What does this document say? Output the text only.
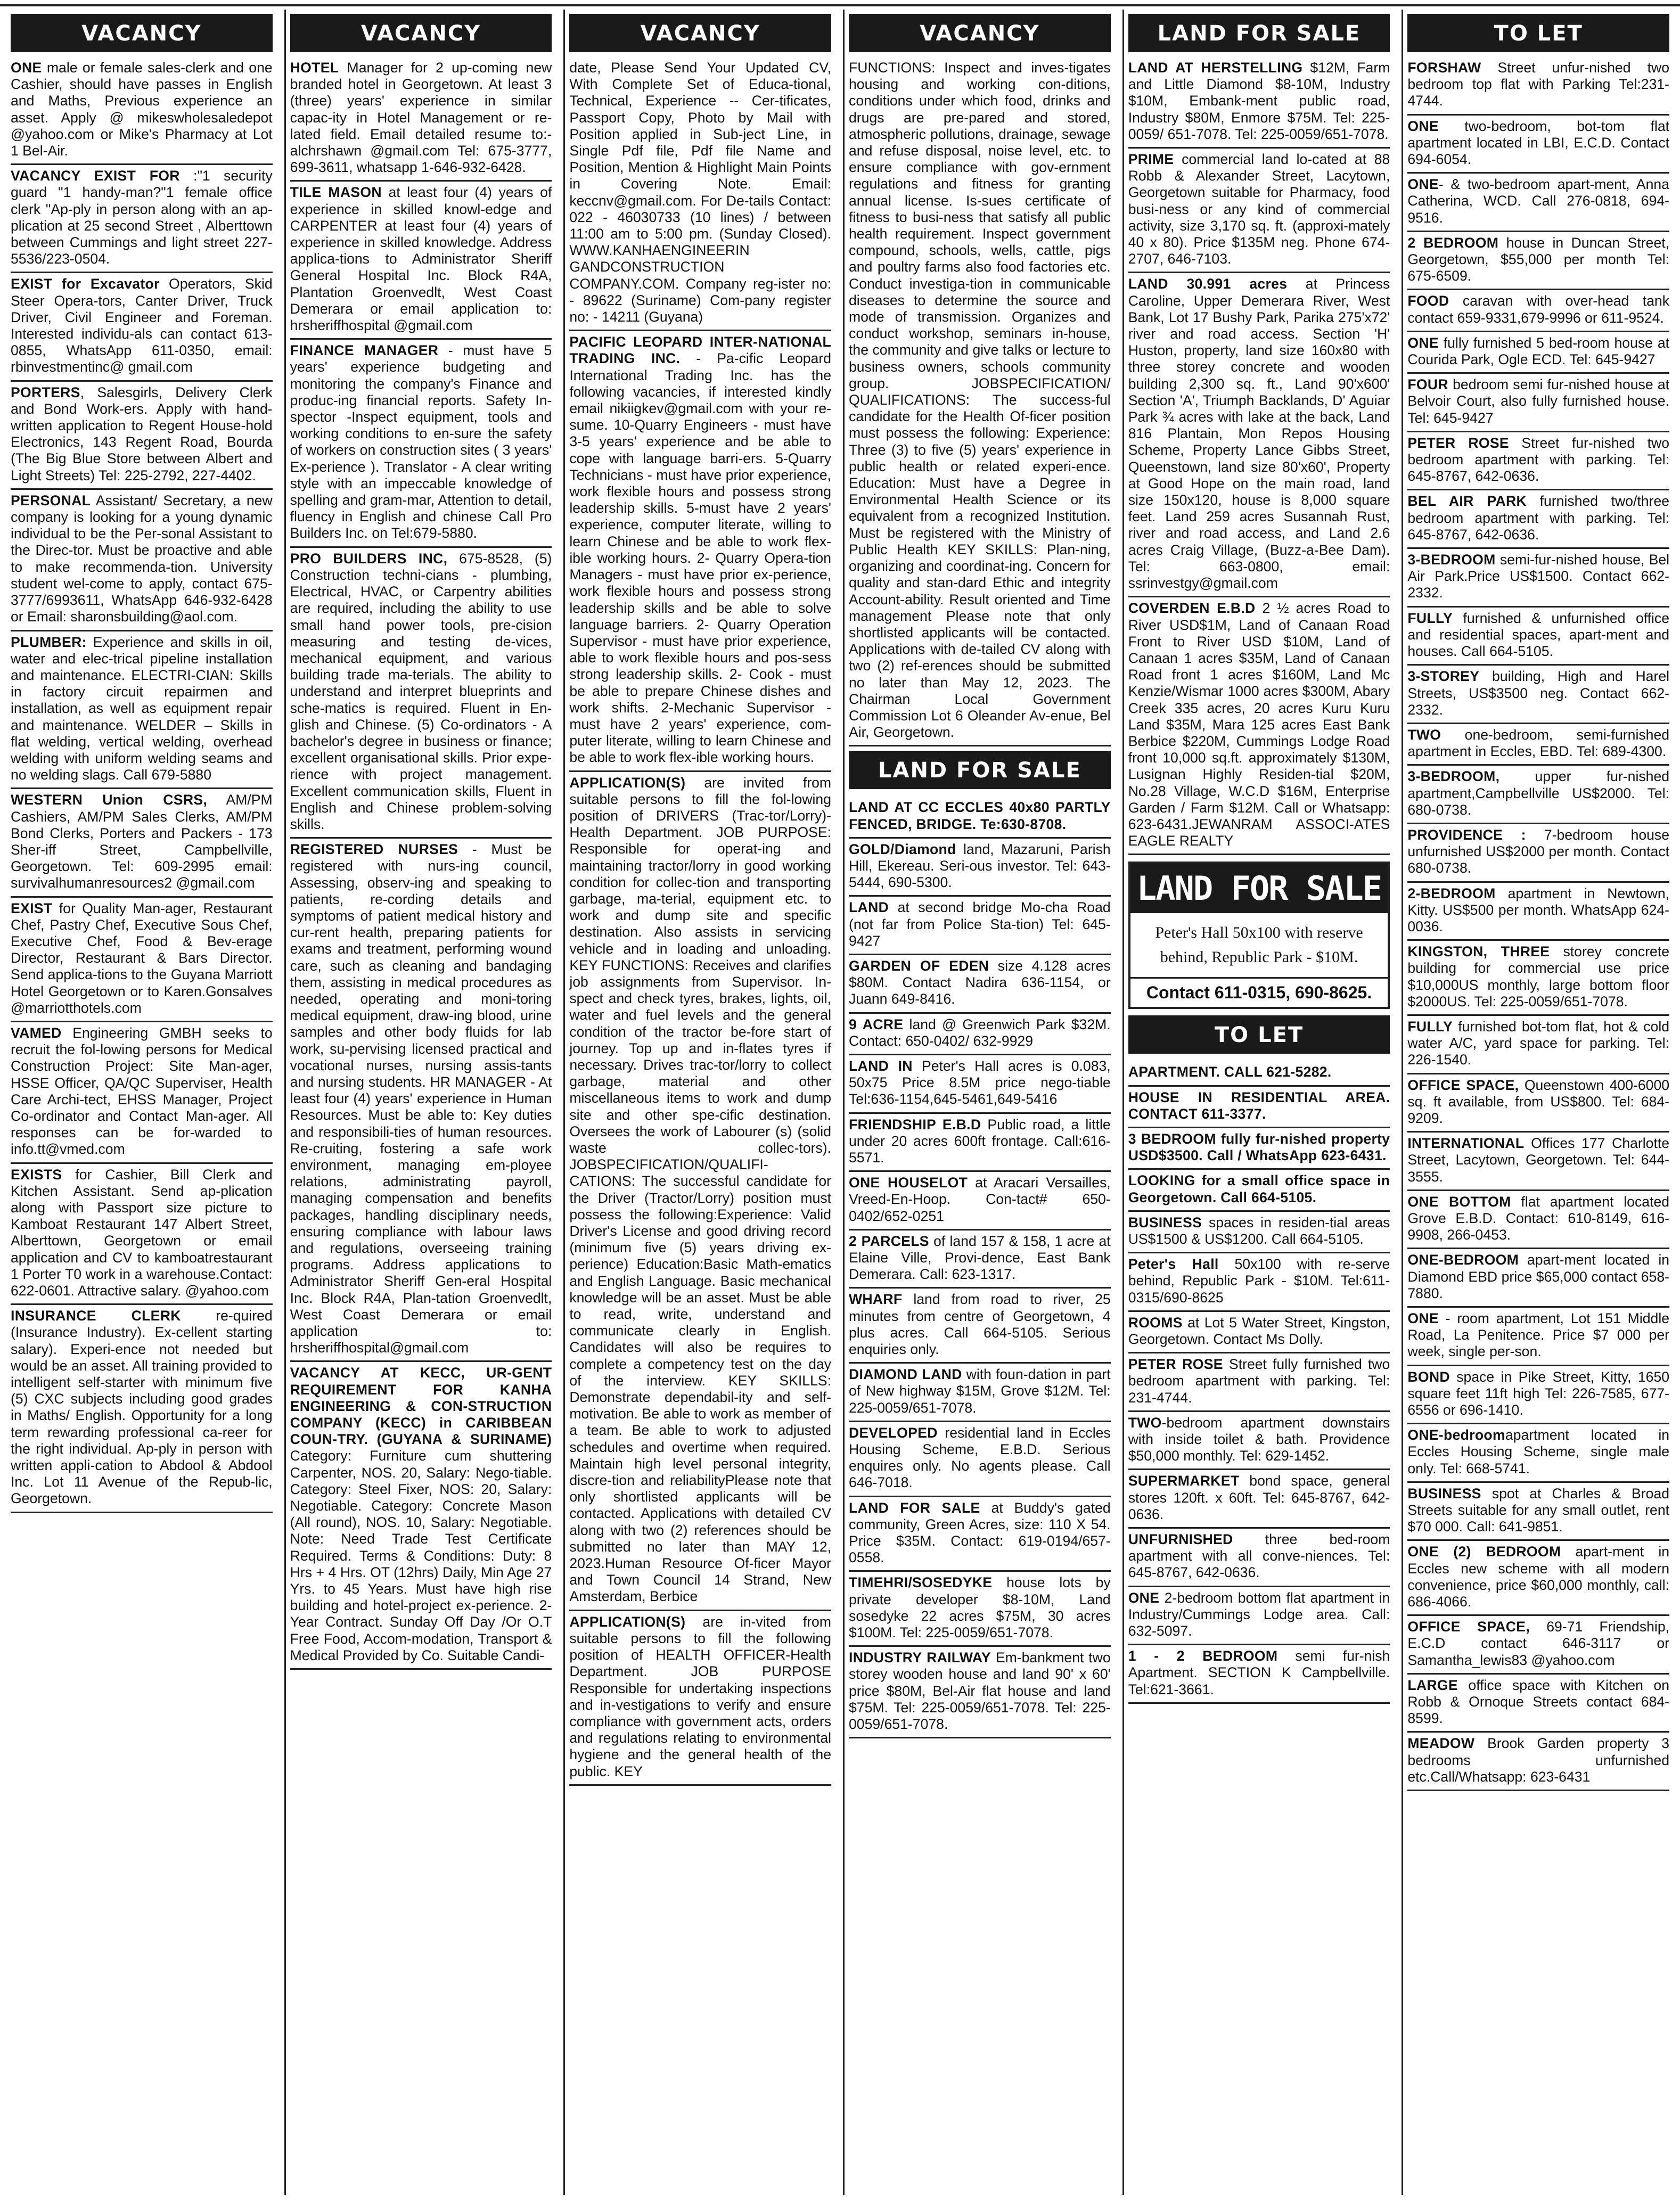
VACANCY

ONE male or female sales-clerk and one Cashier, should have passes in English and Maths, Previous experience an asset. Apply @ mikeswholesaledepot @yahoo.com or Mike's Pharmacy at Lot 1 Bel-Air.

VACANCY EXIST FOR :"1 security guard "1 handy-man?"1 female office clerk "Ap-ply in person along with an ap-plication at 25 second Street , Alberttown between Cummings and light street 227-5536/223-0504.

EXIST for Excavator Operators, Skid Steer Opera-tors, Canter Driver, Truck Driver, Civil Engineer and Foreman. Interested individu-als can contact 613-0855, WhatsApp 611-0350, email: rbinvestmentinc@ gmail.com

PORTERS, Salesgirls, Delivery Clerk and Bond Work-ers. Apply with hand-written application to Regent House-hold Electronics, 143 Regent Road, Bourda (The Big Blue Store between Albert and Light Streets) Tel: 225-2792, 227-4402.

PERSONAL Assistant/ Secretary, a new company is looking for a young dynamic individual to be the Per-sonal Assistant to the Direc-tor. Must be proactive and able to make recommenda-tion. University student wel-come to apply, contact 675-3777/6993611, WhatsApp 646-932-6428 or Email: sharonsbuilding@aol.com.

PLUMBER: Experience and skills in oil, water and elec-trical pipeline installation and maintenance. ELECTRI-CIAN: Skills in factory circuit repairmen and installation, as well as equipment repair and maintenance. WELDER – Skills in flat welding, vertical welding, overhead welding with uniform welding seams and no welding slags. Call 679-5880

WESTERN Union CSRS, AM/PM Cashiers, AM/PM Sales Clerks, AM/PM Bond Clerks, Porters and Packers - 173 Sher-iff Street, Campbellville, Georgetown. Tel: 609-2995 email: survivalhumanresources2 @gmail.com

EXIST for Quality Man-ager, Restaurant Chef, Pastry Chef, Executive Sous Chef, Executive Chef, Food & Bev-erage Director, Restaurant & Bars Director. Send applica-tions to the Guyana Marriott Hotel Georgetown or to Karen.Gonsalves @marriotthotels.com

VAMED Engineering GMBH seeks to recruit the fol-lowing persons for Medical Construction Project: Site Man-ager, HSSE Officer, QA/QC Superviser, Health Care Archi-tect, EHSS Manager, Project Co-ordinator and Contact Man-ager. All responses can be for-warded to info.tt@vmed.com

EXISTS for Cashier, Bill Clerk and Kitchen Assistant. Send ap-plication along with Passport size picture to Kamboat Restaurant 147 Albert Street, Alberttown, Georgetown or email application and CV to kamboatrestaurant 1 Porter T0 work in a warehouse.Contact: 622-0601. Attractive salary. @yahoo.com

INSURANCE CLERK re-quired (Insurance Industry). Ex-cellent starting salary). Experi-ence not needed but would be an asset. All training provided to intelligent self-starter with minimum five (5) CXC subjects including good grades in Maths/ English. Opportunity for a long term rewarding professional ca-reer for the right individual. Ap-ply in person with written appli-cation to Abdool & Abdool Inc. Lot 11 Avenue of the Repub-lic, Georgetown.

VACANCY

HOTEL Manager for 2 up-coming new branded hotel in Georgetown. At least 3 (three) years' experience in similar capac-ity in Hotel Management or re-lated field. Email detailed resume to:- alchrshawn @gmail.com Tel: 675-3777, 699-3611, whatsapp 1-646-932-6428.

TILE MASON at least four (4) years of experience in skilled knowl-edge and CARPENTER at least four (4) years of experience in skilled knowledge. Address applica-tions to Administrator Sheriff General Hospital Inc. Block R4A, Plantation Groenvedlt, West Coast Demerara or email application to: hrsheriffhospital @gmail.com

FINANCE MANAGER - must have 5 years' experience budgeting and monitoring the company's Finance and produc-ing financial reports. Safety In-spector -Inspect equipment, tools and working conditions to en-sure the safety of workers on construction sites ( 3 years' Ex-perience ). Translator - A clear writing style with an impeccable knowledge of spelling and gram-mar, Attention to detail, fluency in English and chinese Call Pro Builders Inc. on Tel:679-5880.

PRO BUILDERS INC, 675-8528, (5) Construction techni-cians - plumbing, Electrical, HVAC, or Carpentry abilities are required, including the ability to use small hand power tools, pre-cision measuring and testing de-vices, mechanical equipment, and various building trade ma-terials. The ability to understand and interpret blueprints and sche-matics is required. Fluent in En-glish and Chinese. (5) Co-ordinators - A bachelor's degree in business or finance; excellent organisational skills. Prior expe-rience with project management. Excellent communication skills, Fluent in English and Chinese problem-solving skills.

REGISTERED NURSES - Must be registered with nurs-ing council, Assessing, observ-ing and speaking to patients, re-cording details and symptoms of patient medical history and cur-rent health, preparing patients for exams and treatment, performing wound care, such as cleaning and bandaging them, assisting in medical procedures as needed, operating and moni-toring medical equipment, draw-ing blood, urine samples and other body fluids for lab work, su-pervising licensed practical and vocational nurses, nursing assis-tants and nursing students. HR MANAGER - At least four (4) years' experience in Human Resources. Must be able to: Key duties and responsibili-ties of human resources. Re-cruiting, fostering a safe work environment, managing em-ployee relations, administrating payroll, managing compensation and benefits packages, handling disciplinary needs, ensuring compliance with labour laws and regulations, overseeing training programs. Address applications to Administrator Sheriff Gen-eral Hospital Inc. Block R4A, Plan-tation Groenvedlt, West Coast Demerara or email application to: hrsheriffhospital@gmail.com

VACANCY AT KECC, UR-GENT REQUIREMENT FOR KANHA ENGINEERING & CON-STRUCTION COMPANY (KECC) in CARIBBEAN COUN-TRY. (GUYANA & SURINAME) Category: Furniture cum shuttering Carpenter, NOS. 20, Salary: Nego-tiable. Category: Steel Fixer, NOS: 20, Salary: Negotiable. Category: Concrete Mason (All round), NOS. 10, Salary: Negotiable. Note: Need Trade Test Certificate Required. Terms & Conditions: Duty: 8 Hrs + 4 Hrs. OT (12hrs) Daily, Min Age 27 Yrs. to 45 Years. Must have high rise building and hotel-project ex-perience. 2-Year Contract. Sunday Off Day /Or O.T Free Food, Accom-modation, Transport & Medical Provided by Co. Suitable Candi-

VACANCY

date, Please Send Your Updated CV, With Complete Set of Educa-tional, Technical, Experience -- Cer-tificates, Passport Copy, Photo by Mail with Position applied in Sub-ject Line, in Single Pdf file, Pdf file Name and Position, Mention & Highlight Main Points in Covering Note. Email: keccnv@gmail.com. For De-tails Contact: 022 - 46030733 (10 lines) / between 11:00 am to 5:00 pm. (Sunday Closed). WWW.KANHAENGINEERIN GANDCONSTRUCTION COMPANY.COM. Company reg-ister no: - 89622 (Suriname) Com-pany register no: - 14211 (Guyana)

PACIFIC LEOPARD INTER-NATIONAL TRADING INC. - Pa-cific Leopard International Trading Inc. has the following vacancies, if interested kindly email nikiigkev@gmail.com with your re-sume. 10-Quarry Engineers - must have 3-5 years' experience and be able to cope with language barri-ers. 5-Quarry Technicians - must have prior experience, work flexible hours and possess strong leadership skills. 5-must have 2 years' experience, computer literate, willing to learn Chinese and be able to work flex-ible working hours. 2- Quarry Opera-tion Managers - must have prior ex-perience, work flexible hours and possess strong leadership skills and be able to solve language barriers. 2- Quarry Operation Supervisor - must have prior experience, able to work flexible hours and pos-sess strong leadership skills. 2- Cook - must be able to prepare Chinese dishes and work shifts. 2-Mechanic Supervisor - must have 2 years' experience, com-puter literate, willing to learn Chinese and be able to work flex-ible working hours.

APPLICATION(S) are invited from suitable persons to fill the fol-lowing position of DRIVERS (Trac-tor/Lorry)-Health Department. JOB PURPOSE: Responsible for operat-ing and maintaining tractor/lorry in good working condition for collec-tion and transporting garbage, ma-terial, equipment etc. to work and dump site and specific destination. Also assists in servicing vehicle and in loading and unloading. KEY FUNCTIONS: Receives and clarifies job assignments from Supervisor. In-spect and check tyres, brakes, lights, oil, water and fuel levels and the general condition of the tractor be-fore start of journey. Top up and in-flates tyres if necessary. Drives trac-tor/lorry to collect garbage, material and other miscellaneous items to work and dump site and other spe-cific destination. Oversees the work of Labourer (s) (solid waste collec-tors). JOBSPECIFICATION/QUALIFI-CATIONS: The successful candidate for the Driver (Tractor/Lorry) position must possess the following:Experience: Valid Driver's License and good driving record (minimum five (5) years driving ex-perience) Education:Basic Math-ematics and English Language. Basic mechanical knowledge will be an asset. Must be able to read, write, understand and communicate clearly in English. Candidates will also be requires to complete a competency test on the day of the interview. KEY SKILLS: Demonstrate dependabil-ity and self-motivation. Be able to work as member of a team. Be able to work to adjusted schedules and overtime when required. Maintain high level personal integrity, discre-tion and reliabilityPlease note that only shortlisted applicants will be contacted. Applications with detailed CV along with two (2) references should be submitted no later than MAY 12, 2023.Human Resource Of-ficer Mayor and Town Council 14 Strand, New Amsterdam, Berbice

APPLICATION(S) are in-vited from suitable persons to fill the following position of HEALTH OFFICER-Health Department. JOB PURPOSE Responsible for undertaking inspections and in-vestigations to verify and ensure compliance with government acts, orders and regulations relating to environmental hygiene and the general health of the public. KEY

VACANCY

FUNCTIONS: Inspect and inves-tigates housing and working con-ditions, conditions under which food, drinks and drugs are pre-pared and stored, atmospheric pollutions, drainage, sewage and refuse disposal, noise level, etc. to ensure compliance with gov-ernment regulations and fitness for granting annual license. Is-sues certificate of fitness to busi-ness that satisfy all public health requirement. Inspect government compound, schools, wells, cattle, pigs and poultry farms also food factories etc. Conduct investiga-tion in communicable diseases to determine the source and mode of transmission. Organizes and conduct workshop, seminars in-house, the community and give talks or lecture to business owners, schools community group. JOBSPECIFICATION/ QUALIFICATIONS: The success-ful candidate for the Health Of-ficer position must possess the following: Experience: Three (3) to five (5) years' experience in public health or related experi-ence. Education: Must have a Degree in Environmental Health Science or its equivalent from a recognized Institution. Must be registered with the Ministry of Public Health KEY SKILLS: Plan-ning, organizing and coordinat-ing. Concern for quality and stan-dard Ethic and integrity Account-ability. Result oriented and Time management Please note that only shortlisted applicants will be contacted. Applications with de-tailed CV along with two (2) ref-erences should be submitted no later than May 12, 2023. The Chairman Local Government Commission Lot 6 Oleander Av-enue, Bel Air, Georgetown.

LAND FOR SALE

LAND AT CC ECCLES 40x80 PARTLY FENCED, BRIDGE. Te:630-8708.

GOLD/Diamond land, Mazaruni, Parish Hill, Ekereau. Seri-ous investor. Tel: 643-5444, 690-5300.

LAND at second bridge Mo-cha Road (not far from Police Sta-tion) Tel: 645-9427

GARDEN OF EDEN size 4.128 acres $80M. Contact Nadira 636-1154, or Juann 649-8416.

9 ACRE land @ Greenwich Park $32M. Contact: 650-0402/ 632-9929

LAND IN Peter's Hall acres is 0.083, 50x75 Price 8.5M price nego-tiable Tel:636-1154,645-5461,649-5416

FRIENDSHIP E.B.D Public road, a little under 20 acres 600ft frontage. Call:616-5571.

ONE HOUSELOT at Aracari Versailles, Vreed-En-Hoop. Con-tact# 650-0402/652-0251

2 PARCELS of land 157 & 158, 1 acre at Elaine Ville, Provi-dence, East Bank Demerara. Call: 623-1317.

WHARF land from road to river, 25 minutes from centre of Georgetown, 4 plus acres. Call 664-5105. Serious enquiries only.

DIAMOND LAND with foun-dation in part of New highway $15M, Grove $12M. Tel: 225-0059/651-7078.

DEVELOPED residential land in Eccles Housing Scheme, E.B.D. Serious enquires only. No agents please. Call 646-7018.

LAND FOR SALE at Buddy's gated community, Green Acres, size: 110 X 54. Price $35M. Contact: 619-0194/657-0558.

TIMEHRI/SOSEDYKE house lots by private developer $8-10M, Land sosedyke 22 acres $75M, 30 acres $100M. Tel: 225-0059/651-7078.

INDUSTRY RAILWAY Em-bankment two storey wooden house and land 90' x 60' price $80M, Bel-Air flat house and land $75M. Tel: 225-0059/651-7078. Tel: 225-0059/651-7078.

LAND FOR SALE

LAND AT HERSTELLING $12M, Farm and Little Diamond $8-10M, Industry $10M, Embank-ment public road, Industry $80M, Enmore $75M. Tel: 225-0059/ 651-7078. Tel: 225-0059/651-7078.

PRIME commercial land lo-cated at 88 Robb & Alexander Street, Lacytown, Georgetown suitable for Pharmacy, food busi-ness or any kind of commercial activity, size 3,170 sq. ft. (approxi-mately 40 x 80). Price $135M neg. Phone 674-2707, 646-7103.

LAND 30.991 acres at Princess Caroline, Upper Demerara River, West Bank, Lot 17 Bushy Park, Parika 275'x72' river and road access. Section 'H' Huston, property, land size 160x80 with three storey concrete and wooden building 2,300 sq. ft., Land 90'x600' Section 'A', Triumph Backlands, D' Aguiar Park ¾ acres with lake at the back, Land 816 Plantain, Mon Repos Housing Scheme, Property Lance Gibbs Street, Queenstown, land size 80'x60', Property at Good Hope on the main road, land size 150x120, house is 8,000 square feet. Land 259 acres Susannah Rust, river and road access, and Land 2.6 acres Craig Village, (Buzz-a-Bee Dam). Tel: 663-0800, email: ssrinvestgy@gmail.com

COVERDEN E.B.D 2 ½ acres Road to River USD$1M, Land of Canaan Road Front to River USD $10M, Land of Canaan 1 acres $35M, Land of Canaan Road front 1 acres $160M, Land Mc Kenzie/Wismar 1000 acres $300M, Abary Creek 335 acres, 20 acres Kuru Kuru Land $35M, Mara 125 acres East Bank Berbice $220M, Cummings Lodge Road front 10,000 sq.ft. approximately $130M, Lusignan Highly Residen-tial $20M, No.28 Village, W.C.D $16M, Enterprise Garden / Farm $12M. Call or Whatsapp: 623-6431.JEWANRAM ASSOCI-ATES EAGLE REALTY

LAND FOR SALE
Peter's Hall 50x100 with reserve behind, Republic Park - $10M.
Contact 611-0315, 690-8625.
TO LET

APARTMENT. CALL 621-5282.

HOUSE IN RESIDENTIAL AREA. CONTACT 611-3377.

3 BEDROOM fully fur-nished property USD$3500. Call / WhatsApp 623-6431.

LOOKING for a small office space in Georgetown. Call 664-5105.

BUSINESS spaces in residen-tial areas US$1500 & US$1200. Call 664-5105.

Peter's Hall 50x100 with re-serve behind, Republic Park - $10M. Tel:611-0315/690-8625

ROOMS at Lot 5 Water Street, Kingston, Georgetown. Contact Ms Dolly.

PETER ROSE Street fully furnished two bedroom apartment with parking. Tel: 231-4744.

TWO-bedroom apartment downstairs with inside toilet & bath. Providence $50,000 monthly. Tel: 629-1452.

SUPERMARKET bond space, general stores 120ft. x 60ft. Tel: 645-8767, 642-0636.

UNFURNISHED three bed-room apartment with all conve-niences. Tel: 645-8767, 642-0636.

ONE 2-bedroom bottom flat apartment in Industry/Cummings Lodge area. Call: 632-5097.

1 - 2 BEDROOM semi fur-nish Apartment. SECTION K Campbellville. Tel:621-3661.

TO LET

FORSHAW Street unfur-nished two bedroom top flat with Parking Tel:231-4744.

ONE two-bedroom, bot-tom flat apartment located in LBI, E.C.D. Contact 694-6054.

ONE- & two-bedroom apart-ment, Anna Catherina, WCD. Call 276-0818, 694-9516.

2 BEDROOM house in Duncan Street, Georgetown, $55,000 per month Tel: 675-6509.

FOOD caravan with over-head tank contact 659-9331,679-9996 or 611-9524.

ONE fully furnished 5 bed-room house at Courida Park, Ogle ECD. Tel: 645-9427

FOUR bedroom semi fur-nished house at Belvoir Court, also fully furnished house. Tel: 645-9427

PETER ROSE Street fur-nished two bedroom apartment with parking. Tel: 645-8767, 642-0636.

BEL AIR PARK furnished two/three bedroom apartment with parking. Tel: 645-8767, 642-0636.

3-BEDROOM semi-fur-nished house, Bel Air Park.Price US$1500. Contact 662-2332.

FULLY furnished & unfurnished office and residential spaces, apart-ment and houses. Call 664-5105.

3-STOREY building, High and Harel Streets, US$3500 neg. Contact 662-2332.

TWO one-bedroom, semi-furnished apartment in Eccles, EBD. Tel: 689-4300.

3-BEDROOM, upper fur-nished apartment,Campbellville US$2000. Tel: 680-0738.

PROVIDENCE : 7-bedroom house unfurnished US$2000 per month. Contact 680-0738.

2-BEDROOM apartment in Newtown, Kitty. US$500 per month. WhatsApp 624-0036.

KINGSTON, THREE storey concrete building for commercial use price $10,000US monthly, large bottom floor $2000US. Tel: 225-0059/651-7078.

FULLY furnished bot-tom flat, hot & cold water A/C, yard space for parking. Tel: 226-1540.

OFFICE SPACE, Queenstown 400-6000 sq. ft available, from US$800. Tel: 684-9209.

INTERNATIONAL Offices 177 Charlotte Street, Lacytown, Georgetown. Tel: 644-3555.

ONE BOTTOM flat apartment located Grove E.B.D. Contact: 610-8149, 616-9908, 266-0453.

ONE-BEDROOM apart-ment located in Diamond EBD price $65,000 contact 658-7880.

ONE - room apartment, Lot 151 Middle Road, La Penitence. Price $7 000 per week, single per-son.

BOND space in Pike Street, Kitty, 1650 square feet 11ft high Tel: 226-7585, 677-6556 or 696-1410.

ONE-bedroomapartment located in Eccles Housing Scheme, single male only. Tel: 668-5741.

BUSINESS spot at Charles & Broad Streets suitable for any small outlet, rent $70 000. Call: 641-9851.

ONE (2) BEDROOM apart-ment in Eccles new scheme with all modern convenience, price $60,000 monthly, call: 686-4066.

OFFICE SPACE, 69-71 Friendship, E.C.D contact 646-3117 or Samantha_lewis83 @yahoo.com

LARGE office space with Kitchen on Robb & Ornoque Streets contact 684-8599.

MEADOW Brook Garden property 3 bedrooms unfurnished etc.Call/Whatsapp: 623-6431
